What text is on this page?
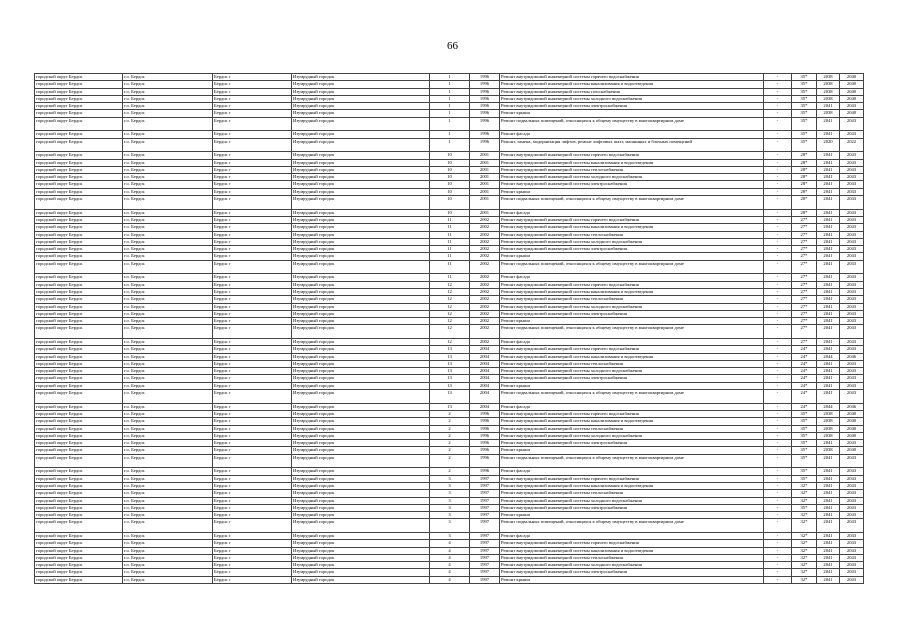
66
городской округ Бердск	г.о. Бердск	Бердск г	Изумрудный городок	1	1996	Ремонт внутридомовой инженерной системы горячего водоснабжения	-	35*	2038	2040
городской округ Бердск	г.о. Бердск	Бердск г	Изумрудный городок	1	1996	Ремонт внутридомовой инженерной системы канализования и водоотведения	-	35*	2038	2040
городской округ Бердск	г.о. Бердск	Бердск г	Изумрудный городок	1	1996	Ремонт внутридомовой инженерной системы газоснабжения	-	35*	2038	2040
городской округ Бердск	г.о. Бердск	Бердск г	Изумрудный городок	1	1996	Ремонт внутридомовой инженерной системы холодного водоснабжения	-	35*	2038	2040
городской округ Бердск	г.о. Бердск	Бердск г	Изумрудный городок	1	1996	Ремонт внутридомовой инженерной системы электроснабжения	-	35*	2041	2043
городской округ Бердск	г.о. Бердск	Бердск г	Изумрудный городок	1	1996	Ремонт крыши	-	35*	2038	2040
городской округ Бердск	г.о. Бердск	Бердск г	Изумрудный городок	1	1996	Ремонт подвальных помещений, относящихся к общему имуществу в многоквартирном доме	-	35*	2041	2043
городской округ Бердск	г.о. Бердск	Бердск г	Изумрудный городок	1	1996	Ремонт фасада	-	35*	2041	2043
городской округ Бердск	г.о. Бердск	Бердск г	Изумрудный городок	1	1996	Ремонт, замена, модернизация лифтов, ремонт лифтовых шахт, машинных и блочных помещений	-	35*	2020	2022
городской округ Бердск	г.о. Бердск	Бердск г	Изумрудный городок	10	2001	Ремонт внутридомовой инженерной системы горячего водоснабжения	-	28*	2041	2043
городской округ Бердск	г.о. Бердск	Бердск г	Изумрудный городок	10	2001	Ремонт внутридомовой инженерной системы канализования и водоотведения	-	28*	2041	2043
городской округ Бердск	г.о. Бердск	Бердск г	Изумрудный городок	10	2001	Ремонт внутридомовой инженерной системы теплоснабжения	-	28*	2041	2043
городской округ Бердск	г.о. Бердск	Бердск г	Изумрудный городок	10	2001	Ремонт внутридомовой инженерной системы холодного водоснабжения	-	28*	2041	2043
городской округ Бердск	г.о. Бердск	Бердск г	Изумрудный городок	10	2001	Ремонт внутридомовой инженерной системы электроснабжения	-	28*	2041	2043
городской округ Бердск	г.о. Бердск	Бердск г	Изумрудный городок	10	2001	Ремонт крыши	-	28*	2041	2043
городской округ Бердск	г.о. Бердск	Бердск г	Изумрудный городок	10	2001	Ремонт подвальных помещений, относящихся к общему имуществу в многоквартирном доме	-	28*	2041	2043
городской округ Бердск	г.о. Бердск	Бердск г	Изумрудный городок	10	2001	Ремонт фасада	-	28*	2041	2043
городской округ Бердск	г.о. Бердск	Бердск г	Изумрудный городок	11	2002	Ремонт внутридомовой инженерной системы горячего водоснабжения	-	27*	2041	2043
городской округ Бердск	г.о. Бердск	Бердск г	Изумрудный городок	11	2002	Ремонт внутридомовой инженерной системы канализования и водоотведения	-	27*	2041	2043
городской округ Бердск	г.о. Бердск	Бердск г	Изумрудный городок	11	2002	Ремонт внутридомовой инженерной системы теплоснабжения	-	27*	2041	2043
городской округ Бердск	г.о. Бердск	Бердск г	Изумрудный городок	11	2002	Ремонт внутридомовой инженерной системы холодного водоснабжения	-	27*	2041	2043
городской округ Бердск	г.о. Бердск	Бердск г	Изумрудный городок	11	2002	Ремонт внутридомовой инженерной системы электроснабжения	-	27*	2041	2043
городской округ Бердск	г.о. Бердск	Бердск г	Изумрудный городок	11	2002	Ремонт крыши	-	27*	2041	2043
городской округ Бердск	г.о. Бердск	Бердск г	Изумрудный городок	11	2002	Ремонт подвальных помещений, относящихся к общему имуществу в многоквартирном доме	-	27*	2041	2043
городской округ Бердск	г.о. Бердск	Бердск г	Изумрудный городок	11	2002	Ремонт фасада	-	27*	2041	2043
городской округ Бердск	г.о. Бердск	Бердск г	Изумрудный городок	12	2002	Ремонт внутридомовой инженерной системы горячего водоснабжения	-	27*	2041	2043
городской округ Бердск	г.о. Бердск	Бердск г	Изумрудный городок	12	2002	Ремонт внутридомовой инженерной системы канализования и водоотведения	-	27*	2041	2043
городской округ Бердск	г.о. Бердск	Бердск г	Изумрудный городок	12	2002	Ремонт внутридомовой инженерной системы теплоснабжения	-	27*	2041	2043
городской округ Бердск	г.о. Бердск	Бердск г	Изумрудный городок	12	2002	Ремонт внутридомовой инженерной системы холодного водоснабжения	-	27*	2041	2043
городской округ Бердск	г.о. Бердск	Бердск г	Изумрудный городок	12	2002	Ремонт внутридомовой инженерной системы электроснабжения	-	27*	2041	2043
городской округ Бердск	г.о. Бердск	Бердск г	Изумрудный городок	12	2002	Ремонт крыши	-	27*	2041	2043
городской округ Бердск	г.о. Бердск	Бердск г	Изумрудный городок	12	2002	Ремонт подвальных помещений, относящихся к общему имуществу в многоквартирном доме	-	27*	2041	2043
городской округ Бердск	г.о. Бердск	Бердск г	Изумрудный городок	12	2002	Ремонт фасада	-	27*	2041	2043
городской округ Бердск	г.о. Бердск	Бердск г	Изумрудный городок	13	2004	Ремонт внутридомовой инженерной системы горячего водоснабжения	-	24*	2041	2043
городской округ Бердск	г.о. Бердск	Бердск г	Изумрудный городок	13	2004	Ремонт внутридомовой инженерной системы канализования и водоотведения	-	24*	2044	2046
городской округ Бердск	г.о. Бердск	Бердск г	Изумрудный городок	13	2004	Ремонт внутридомовой инженерной системы теплоснабжения	-	24*	2041	2043
городской округ Бердск	г.о. Бердск	Бердск г	Изумрудный городок	13	2004	Ремонт внутридомовой инженерной системы холодного водоснабжения	-	24*	2041	2043
городской округ Бердск	г.о. Бердск	Бердск г	Изумрудный городок	13	2004	Ремонт внутридомовой инженерной системы электроснабжения	-	24*	2041	2043
городской округ Бердск	г.о. Бердск	Бердск г	Изумрудный городок	13	2004	Ремонт крыши	-	24*	2041	2043
городской округ Бердск	г.о. Бердск	Бердск г	Изумрудный городок	13	2004	Ремонт подвальных помещений, относящихся к общему имуществу в многоквартирном доме	-	24*	2041	2043
городской округ Бердск	г.о. Бердск	Бердск г	Изумрудный городок	13	2004	Ремонт фасада	-	24*	2044	2046
городской округ Бердск	г.о. Бердск	Бердск г	Изумрудный городок	2	1996	Ремонт внутридомовой инженерной системы горячего водоснабжения	-	35*	2038	2040
городской округ Бердск	г.о. Бердск	Бердск г	Изумрудный городок	2	1996	Ремонт внутридомовой инженерной системы канализования и водоотведения	-	35*	2038	2040
городской округ Бердск	г.о. Бердск	Бердск г	Изумрудный городок	2	1996	Ремонт внутридомовой инженерной системы теплоснабжения	-	35*	2038	2040
городской округ Бердск	г.о. Бердск	Бердск г	Изумрудный городок	2	1996	Ремонт внутридомовой инженерной системы холодного водоснабжения	-	35*	2038	2040
городской округ Бердск	г.о. Бердск	Бердск г	Изумрудный городок	2	1996	Ремонт внутридомовой инженерной системы электроснабжения	-	35*	2041	2043
городской округ Бердск	г.о. Бердск	Бердск г	Изумрудный городок	2	1996	Ремонт крыши	-	35*	2038	2040
городской округ Бердск	г.о. Бердск	Бердск г	Изумрудный городок	2	1996	Ремонт подвальных помещений, относящихся к общему имуществу в многоквартирном доме	-	35*	2041	2043
городской округ Бердск	г.о. Бердск	Бердск г	Изумрудный городок	2	1996	Ремонт фасада	-	35*	2041	2043
городской округ Бердск	г.о. Бердск	Бердск г	Изумрудный городок	3	1997	Ремонт внутридомовой инженерной системы горячего водоснабжения	-	35*	2041	2043
городской округ Бердск	г.о. Бердск	Бердск г	Изумрудный городок	3	1997	Ремонт внутридомовой инженерной системы канализования и водоотведения	-	32*	2041	2043
городской округ Бердск	г.о. Бердск	Бердск г	Изумрудный городок	3	1997	Ремонт внутридомовой инженерной системы теплоснабжения	-	32*	2041	2043
городской округ Бердск	г.о. Бердск	Бердск г	Изумрудный городок	3	1997	Ремонт внутридомовой инженерной системы холодного водоснабжения	-	32*	2041	2043
городской округ Бердск	г.о. Бердск	Бердск г	Изумрудный городок	3	1997	Ремонт внутридомовой инженерной системы электроснабжения	-	35*	2041	2043
городской округ Бердск	г.о. Бердск	Бердск г	Изумрудный городок	3	1997	Ремонт крыши	-	32*	2041	2043
городской округ Бердск	г.о. Бердск	Бердск г	Изумрудный городок	3	1997	Ремонт подвальных помещений, относящихся к общему имуществу в многоквартирном доме	-	32*	2041	2043
городской округ Бердск	г.о. Бердск	Бердск г	Изумрудный городок	3	1997	Ремонт фасада	-	32*	2041	2043
городской округ Бердск	г.о. Бердск	Бердск г	Изумрудный городок	4	1997	Ремонт внутридомовой инженерной системы горячего водоснабжения	-	32*	2041	2043
городской округ Бердск	г.о. Бердск	Бердск г	Изумрудный городок	4	1997	Ремонт внутридомовой инженерной системы канализования и водоотведения	-	32*	2041	2043
городской округ Бердск	г.о. Бердск	Бердск г	Изумрудный городок	4	1997	Ремонт внутридомовой инженерной системы теплоснабжения	-	32*	2041	2043
городской округ Бердск	г.о. Бердск	Бердск г	Изумрудный городок	4	1997	Ремонт внутридомовой инженерной системы холодного водоснабжения	-	32*	2041	2043
городской округ Бердск	г.о. Бердск	Бердск г	Изумрудный городок	4	1997	Ремонт внутридомовой инженерной системы электроснабжения	-	32*	2041	2043
городской округ Бердск	г.о. Бердск	Бердск г	Изумрудный городок	4	1997	Ремонт крыши	-	32*	2041	2043
